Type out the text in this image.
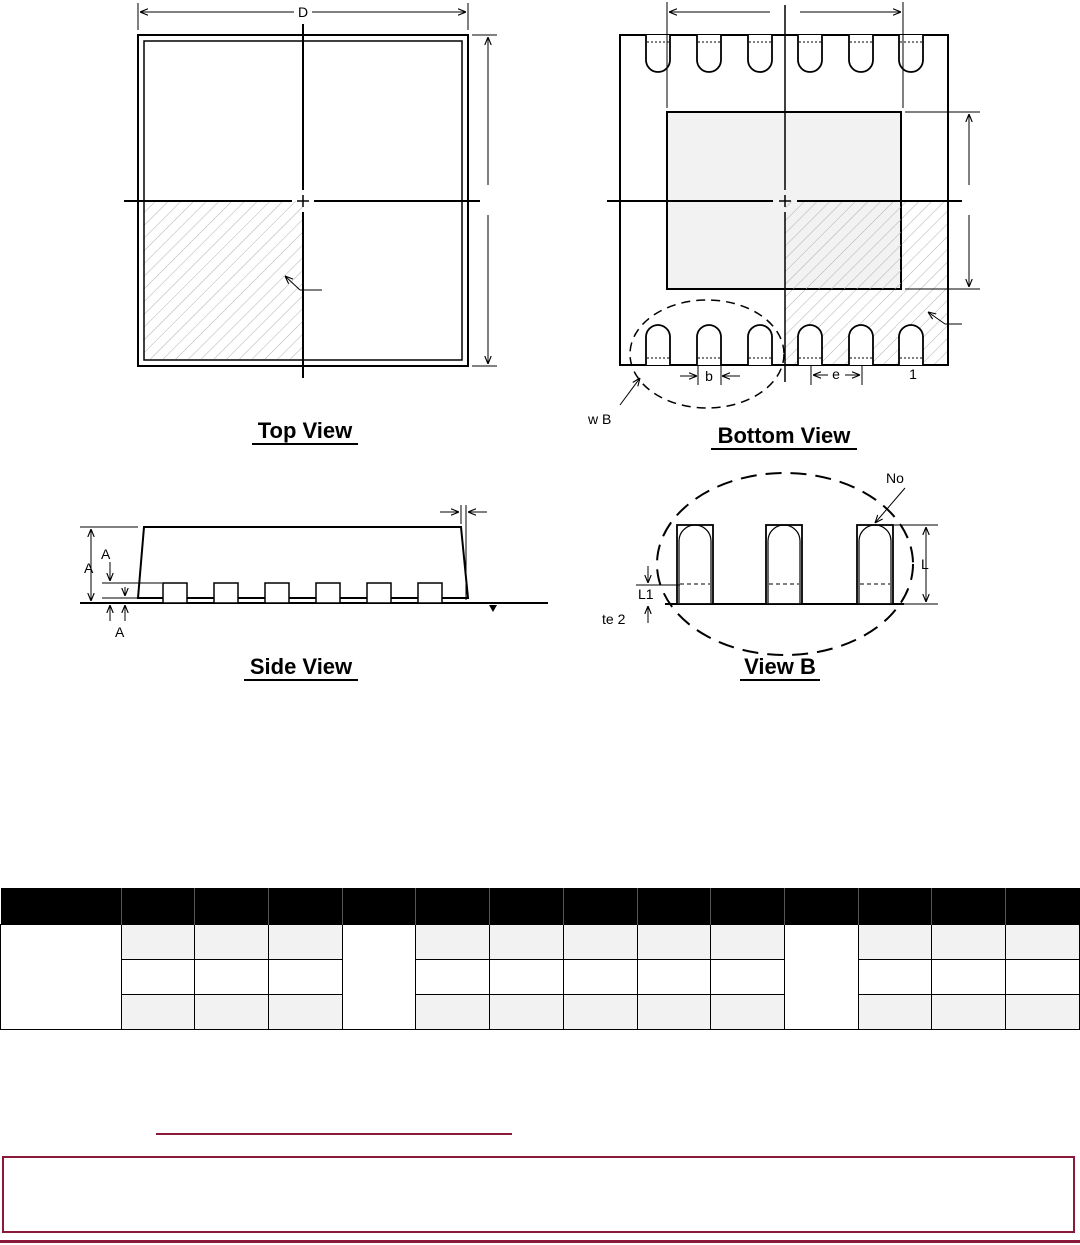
D
Top View	w B
b	e	1
Bottom View
A
A
A
Side View
No
L
L1
te 2
View B
